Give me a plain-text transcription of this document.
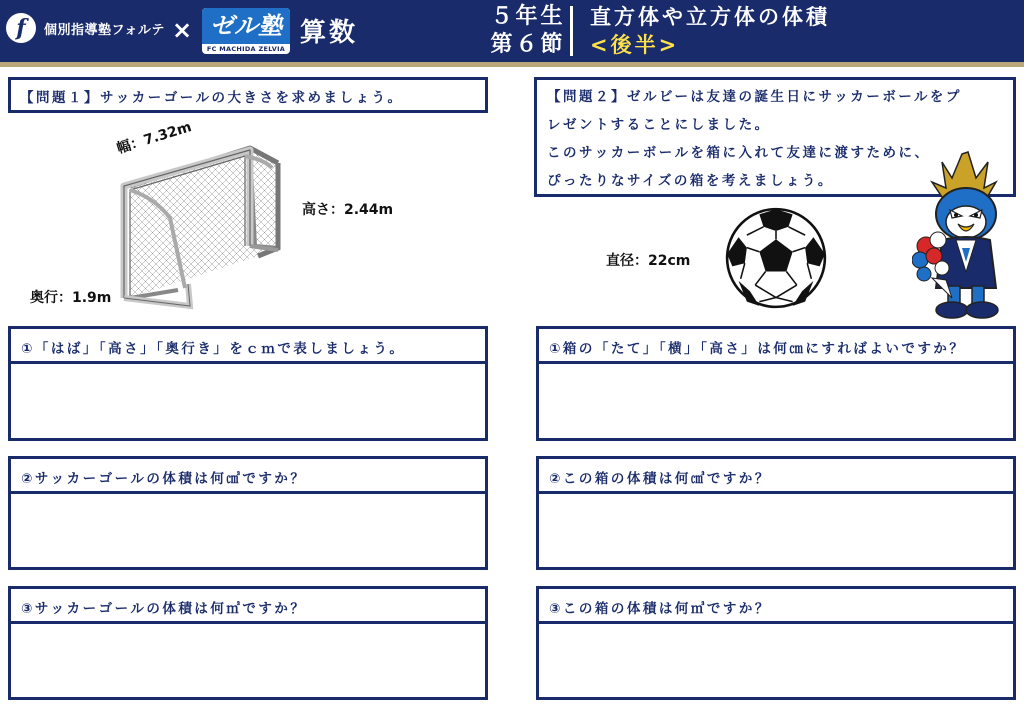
f	個別指導塾フォルテ × ゼル塾
FC MACHIDA ZELVIA
算数
５年生
第６節
直方体や立方体の体積
<後半>
【問題１】サッカーゴールの大きさを求めましょう。
幅：7.32m
高さ：2.44m
奥行：1.9m
①「はば」「高さ」「奥行き」をｃｍで表しましょう。
②サッカーゴールの体積は何㎤ですか？
③サッカーゴールの体積は何㎥ですか？
【問題２】ゼルビーは友達の誕生日にサッカーボールをプ
レゼントすることにしました。
このサッカーボールを箱に入れて友達に渡すために、
ぴったりなサイズの箱を考えましょう。
直径：22cm
①箱の「たて」「横」「高さ」は何㎝にすればよいですか？
②この箱の体積は何㎤ですか？
③この箱の体積は何㎥ですか？
